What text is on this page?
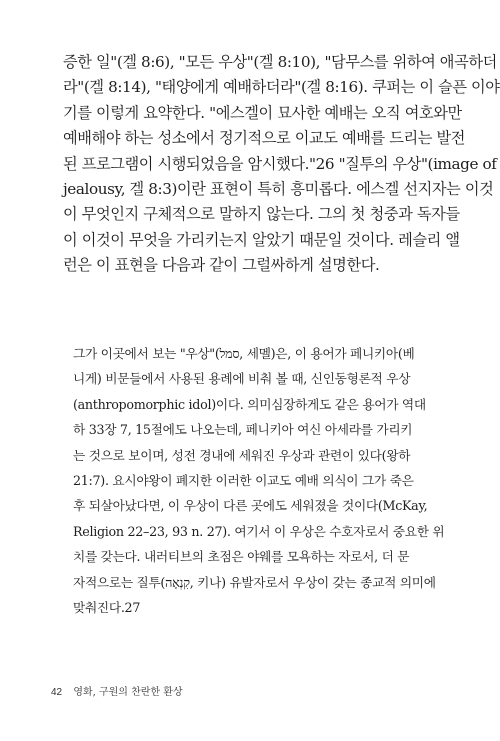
증한 일"(겔 8:6), "모든 우상"(겔 8:10), "담무스를 위하여 애곡하더
라"(겔 8:14), "태양에게 예배하더라"(겔 8:16). 쿠퍼는 이 슬픈 이야
기를 이렇게 요약한다. "에스겔이 묘사한 예배는 오직 여호와만
예배해야 하는 성소에서 정기적으로 이교도 예배를 드리는 발전
된 프로그램이 시행되었음을 암시했다."26 "질투의 우상"(image of
jealousy, 겔 8:3)이란 표현이 특히 흥미롭다. 에스겔 선지자는 이것
이 무엇인지 구체적으로 말하지 않는다. 그의 첫 청중과 독자들
이 이것이 무엇을 가리키는지 알았기 때문일 것이다. 레슬리 앨
런은 이 표현을 다음과 같이 그럴싸하게 설명한다.
그가 이곳에서 보는 "우상"(סמל, 세멜)은, 이 용어가 페니키아(베
니게) 비문들에서 사용된 용례에 비춰 볼 때, 신인동형론적 우상
(anthropomorphic idol)이다. 의미심장하게도 같은 용어가 역대
하 33장 7, 15절에도 나오는데, 페니키아 여신 아세라를 가리키
는 것으로 보이며, 성전 경내에 세워진 우상과 관련이 있다(왕하
21:7). 요시야왕이 폐지한 이러한 이교도 예배 의식이 그가 죽은
후 되살아났다면, 이 우상이 다른 곳에도 세워졌을 것이다(McKay,
Religion 22–23, 93 n. 27). 여기서 이 우상은 수호자로서 중요한 위
치를 갖는다. 내러티브의 초점은 야웨를 모욕하는 자로서, 더 문
자적으로는 질투(קִנְאָה, 키나) 유발자로서 우상이 갖는 종교적 의미에
맞춰진다.27
42 영화, 구원의 찬란한 환상
